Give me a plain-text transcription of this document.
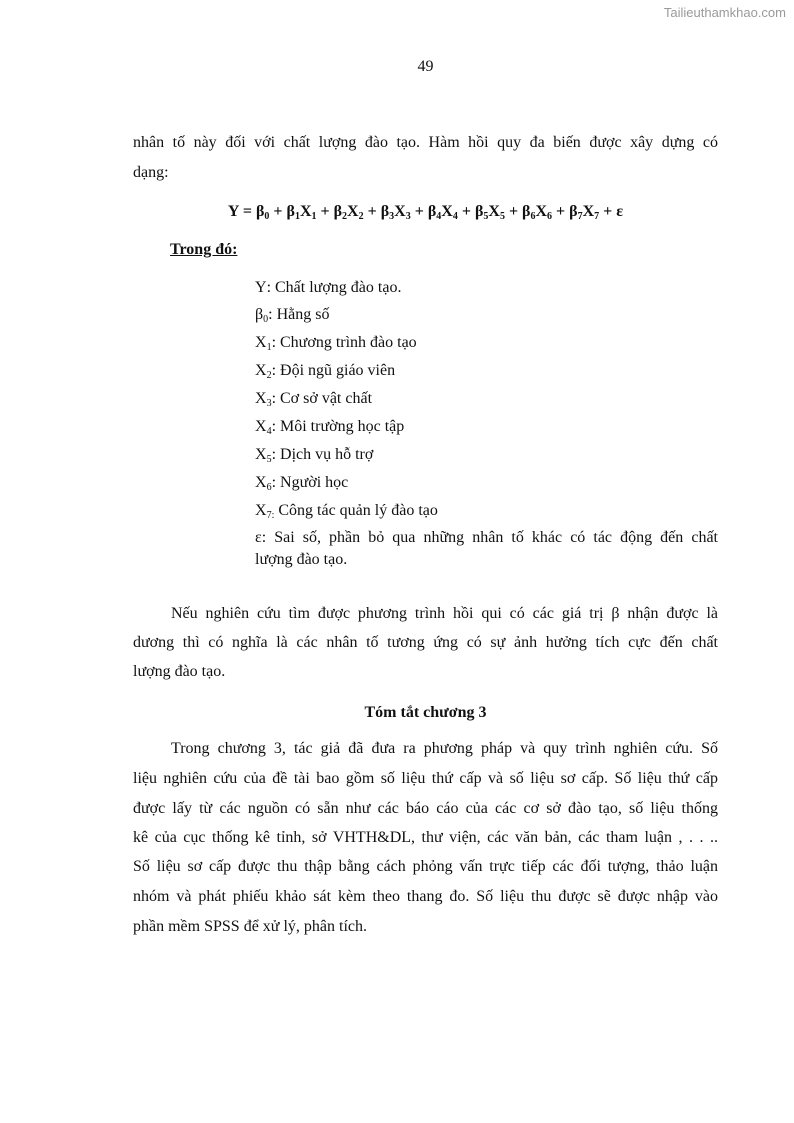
Tailieuthamkhao.com
49
nhân tố này đối với chất lượng đào tạo. Hàm hồi quy đa biến được xây dựng có
dạng:
$Y = \beta_0 + \beta_1X_1 + \beta_2X_2 + \beta_3X_3 + \beta_4X_4 + \beta_5X_5 + \beta_6X_6 + \beta_7X_7 + \varepsilon$
Trong đó:
Y: Chất lượng đào tạo.
$\beta_0$: Hằng số
$X_1$: Chương trình đào tạo
$X_2$: Đội ngũ giáo viên
$X_3$: Cơ sở vật chất
$X_4$: Môi trường học tập
$X_5$: Dịch vụ hỗ trợ
$X_6$: Người học
$X_{7:}$ Công tác quản lý đào tạo
ε: Sai số, phần bỏ qua những nhân tố khác có tác động đến chất
lượng đào tạo.
Nếu nghiên cứu tìm được phương trình hồi qui có các giá trị β nhận được là
dương thì có nghĩa là các nhân tố tương ứng có sự ảnh hưởng tích cực đến chất
lượng đào tạo.
Tóm tắt chương 3
Trong chương 3, tác giả đã đưa ra phương pháp và quy trình nghiên cứu. Số
liệu nghiên cứu của đề tài bao gồm số liệu thứ cấp và số liệu sơ cấp. Số liệu thứ cấp
được lấy từ các nguồn có sẵn như các báo cáo của các cơ sở đào tạo, số liệu thống
kê của cục thống kê tỉnh, sở VHTH&DL, thư viện, các văn bản, các tham luận , . . ..
Số liệu sơ cấp được thu thập bằng cách phỏng vấn trực tiếp các đối tượng, thảo luận
nhóm và phát phiếu khảo sát kèm theo thang đo. Số liệu thu được sẽ được nhập vào
phần mềm SPSS để xử lý, phân tích.
